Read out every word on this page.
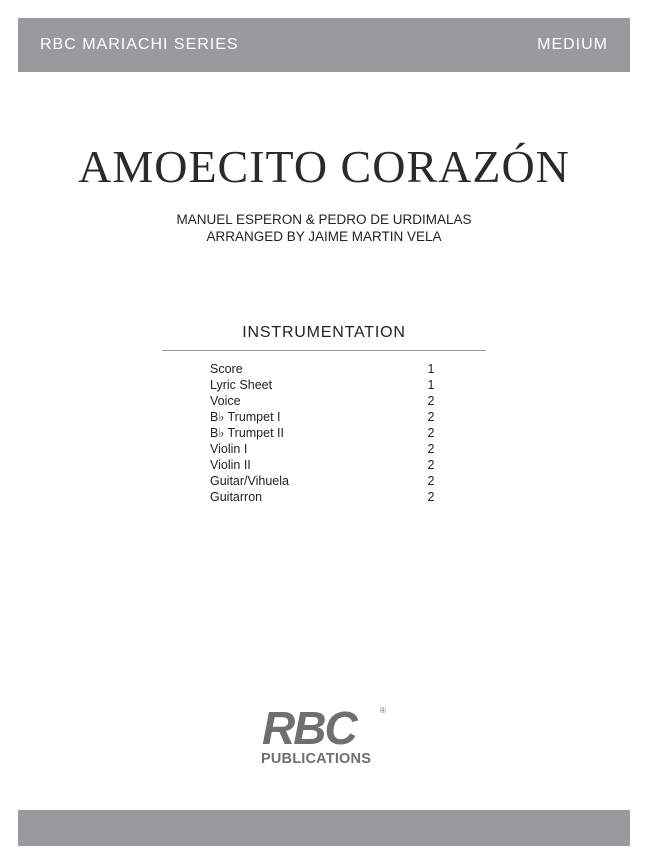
RBC MARIACHI SERIES	MEDIUM
AMOECITO CORAZÓN
MANUEL ESPERON & PEDRO DE URDIMALAS
ARRANGED BY JAIME MARTIN VELA
INSTRUMENTATION
Score	1
Lyric Sheet	1
Voice	2
B♭ Trumpet I	2
B♭ Trumpet II	2
Violin I	2
Violin II	2
Guitar/Vihuela	2
Guitarron	2
RBC	®
PUBLICATIONS
